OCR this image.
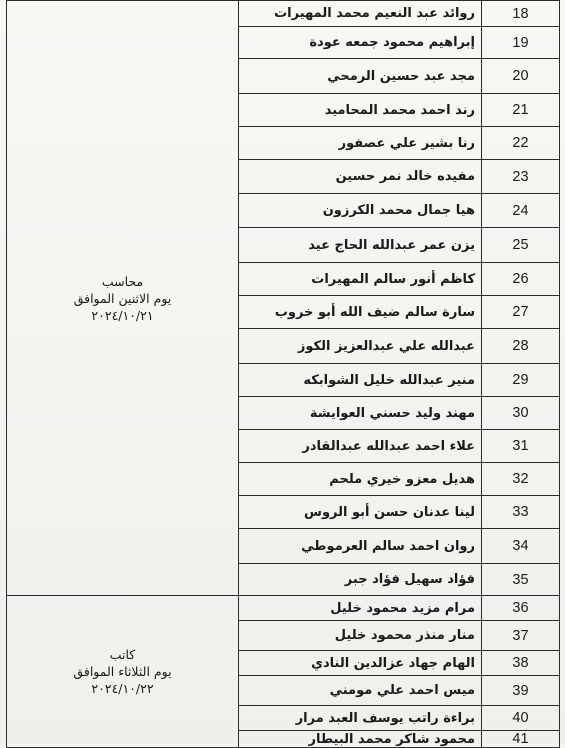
محاسب
يوم الاثنين الموافق
٢٠٢٤/١٠/٢١	روائد عبد النعيم محمد المهيرات	18
	إبراهيم محمود جمعه عودة	19
	مجد عبد حسين الرمحي	20
	رند احمد محمد المحاميد	21
	رنا بشير علي عصفور	22
	مفيده خالد نمر حسين	23
	هيا جمال محمد الكرزون	24
	يزن عمر عبدالله الحاج عيد	25
	كاظم أنور سالم المهيرات	26
	سارة سالم ضيف الله أبو خروب	27
	عبدالله علي عبدالعزيز الكوز	28
	منير عبدالله خليل الشوابكه	29
	مهند وليد حسني العوايشة	30
	علاء احمد عبدالله عبدالقادر	31
	هديل معزو خيري ملحم	32
	لينا عدنان حسن أبو الروس	33
	روان احمد سالم العرموطي	34
	فؤاد سهيل فؤاد جبر	35

كاتب
يوم الثلاثاء الموافق
٢٠٢٤/١٠/٢٢	مرام مزيد محمود خليل	36
	منار منذر محمود خليل	37
	الهام جهاد عزالدين النادي	38
	ميس احمد علي مومني	39
	براءة راتب يوسف العبد مرار	40
	محمود شاكر محمد البيطار	41
